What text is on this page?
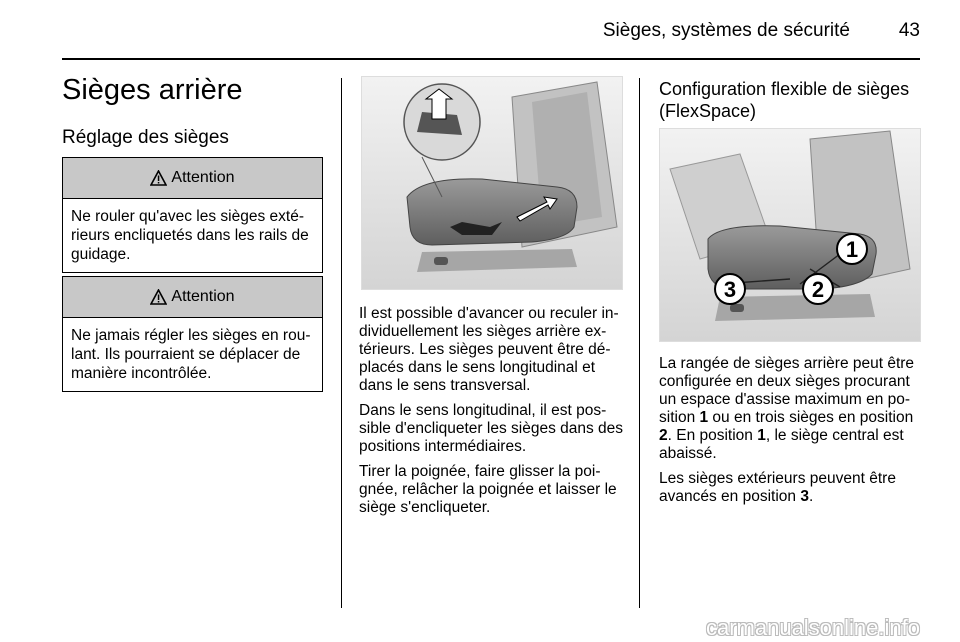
Sièges, systèmes de sécurité	43
Sièges arrière
Réglage des sièges
Attention
Ne rouler qu'avec les sièges exté-rieurs encliquetés dans les rails de guidage.
Attention
Ne jamais régler les sièges en rou-lant. Ils pourraient se déplacer de manière incontrôlée.

Il est possible d'avancer ou reculer in-dividuellement les sièges arrière ex-térieurs. Les sièges peuvent être dé-placés dans le sens longitudinal et dans le sens transversal.

Dans le sens longitudinal, il est pos-sible d'encliqueter les sièges dans des positions intermédiaires.

Tirer la poignée, faire glisser la poi-gnée, relâcher la poignée et laisser le siège s'encliqueter.

Configuration flexible de sièges (FlexSpace)
1
2
3

La rangée de sièges arrière peut être configurée en deux sièges procurant un espace d'assise maximum en po-sition 1 ou en trois sièges en position 2. En position 1, le siège central est abaissé.

Les sièges extérieurs peuvent être avancés en position 3.

carmanualsonline.info
